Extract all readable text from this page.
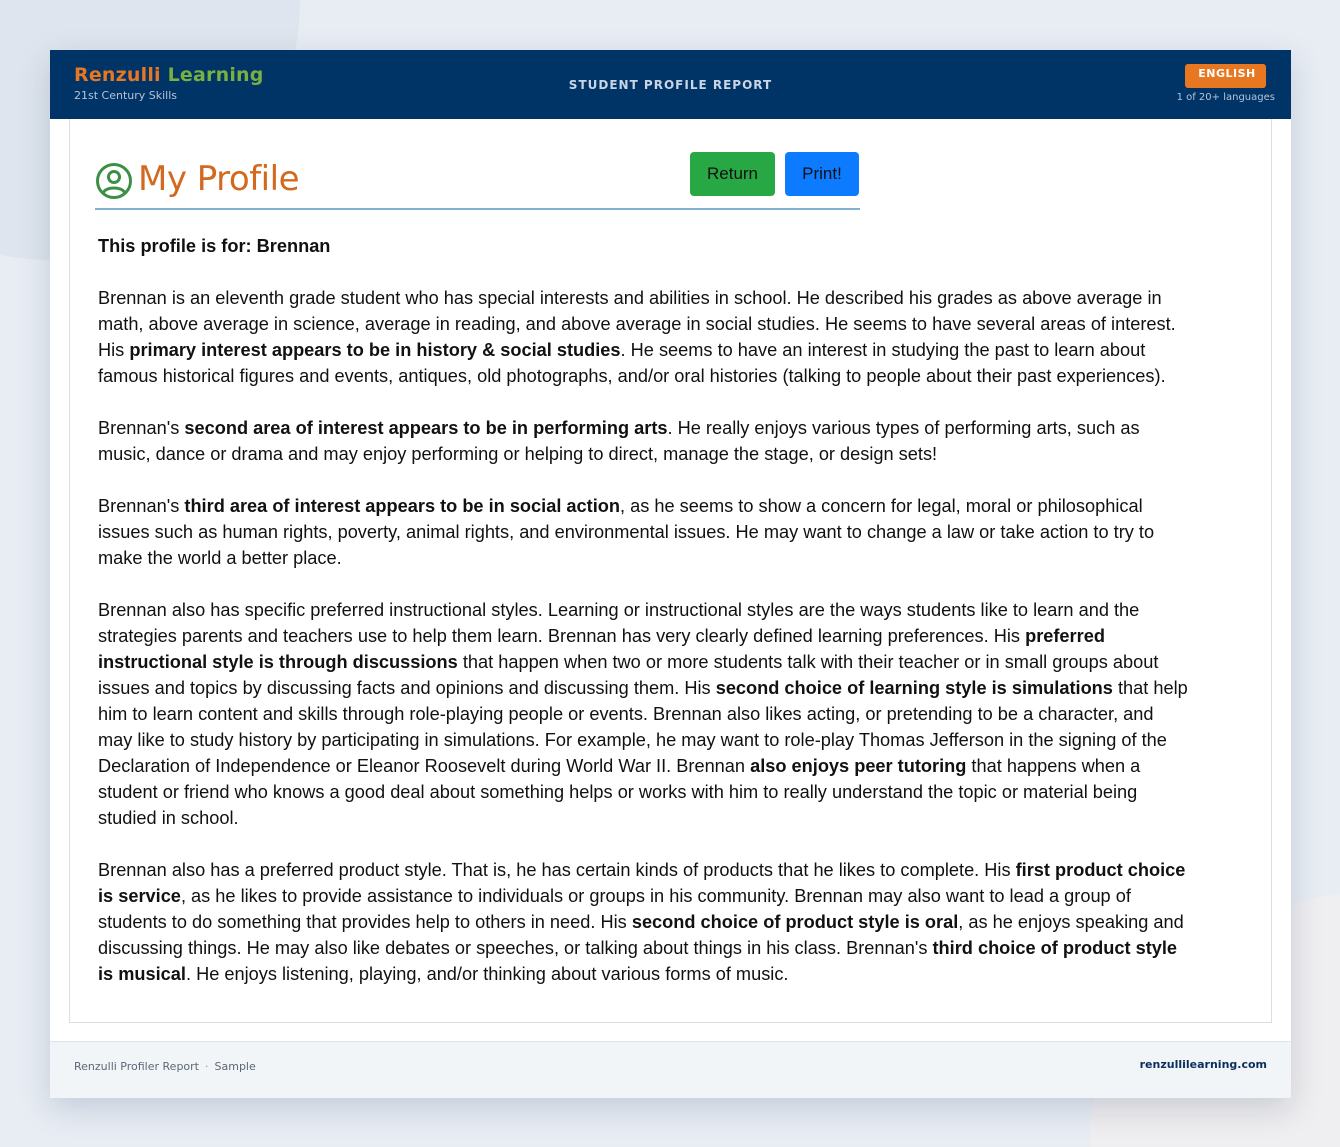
Renzulli Learning
21st Century Skills
STUDENT PROFILE REPORT
ENGLISH
1 of 20+ languages
My Profile	Return	Print!
This profile is for: Brennan

Brennan is an eleventh grade student who has special interests and abilities in school. He described his grades as above average in math, above average in science, average in reading, and above average in social studies. He seems to have several areas of interest. His primary interest appears to be in history & social studies. He seems to have an interest in studying the past to learn about famous historical figures and events, antiques, old photographs, and/or oral histories (talking to people about their past experiences).

Brennan's second area of interest appears to be in performing arts. He really enjoys various types of performing arts, such as music, dance or drama and may enjoy performing or helping to direct, manage the stage, or design sets!

Brennan's third area of interest appears to be in social action, as he seems to show a concern for legal, moral or philosophical issues such as human rights, poverty, animal rights, and environmental issues. He may want to change a law or take action to try to make the world a better place.

Brennan also has specific preferred instructional styles. Learning or instructional styles are the ways students like to learn and the strategies parents and teachers use to help them learn. Brennan has very clearly defined learning preferences. His preferred instructional style is through discussions that happen when two or more students talk with their teacher or in small groups about issues and topics by discussing facts and opinions and discussing them. His second choice of learning style is simulations that help him to learn content and skills through role-playing people or events. Brennan also likes acting, or pretending to be a character, and may like to study history by participating in simulations. For example, he may want to role-play Thomas Jefferson in the signing of the Declaration of Independence or Eleanor Roosevelt during World War II. Brennan also enjoys peer tutoring that happens when a student or friend who knows a good deal about something helps or works with him to really understand the topic or material being studied in school.

Brennan also has a preferred product style. That is, he has certain kinds of products that he likes to complete. His first product choice is service, as he likes to provide assistance to individuals or groups in his community. Brennan may also want to lead a group of students to do something that provides help to others in need. His second choice of product style is oral, as he enjoys speaking and discussing things. He may also like debates or speeches, or talking about things in his class. Brennan's third choice of product style is musical. He enjoys listening, playing, and/or thinking about various forms of music.

Renzulli Profiler Report · Sample	renzullilearning.com
